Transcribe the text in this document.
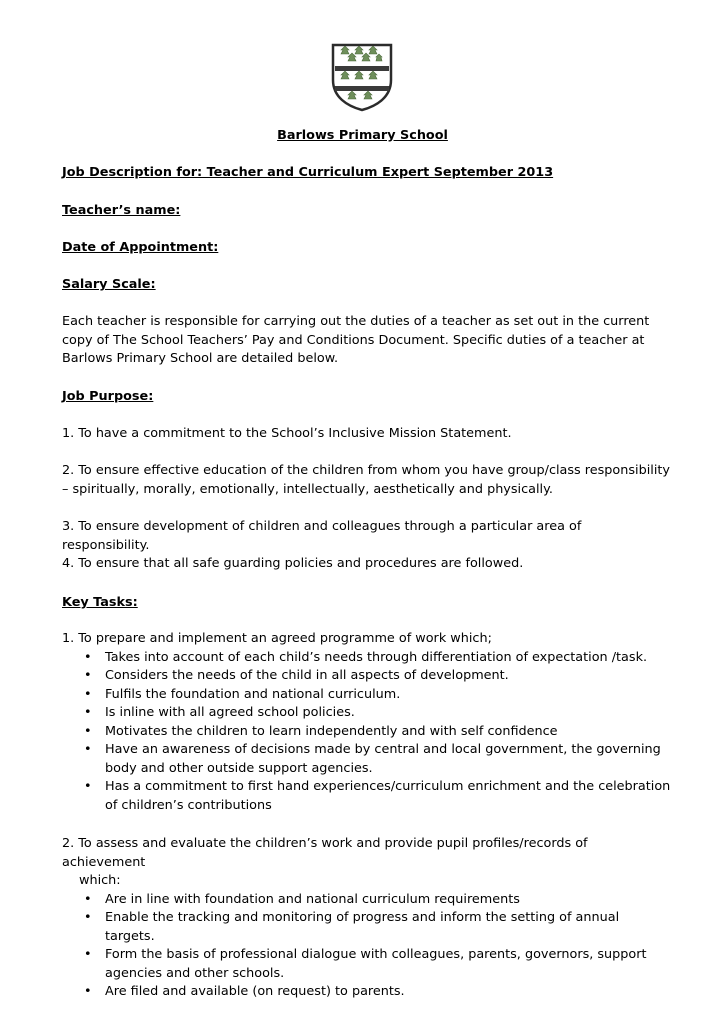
Barlows Primary School
Job Description for: Teacher and Curriculum Expert September 2013
Teacher’s name:
Date of Appointment:
Salary Scale:
Each teacher is responsible for carrying out the duties of a teacher as set out in the current
copy of The School Teachers’ Pay and Conditions Document. Specific duties of a teacher at
Barlows Primary School are detailed below.
Job Purpose:
1. To have a commitment to the School’s Inclusive Mission Statement.
2. To ensure effective education of the children from whom you have group/class responsibility
– spiritually, morally, emotionally, intellectually, aesthetically and physically.
3. To ensure development of children and colleagues through a particular area of responsibility.
4. To ensure that all safe guarding policies and procedures are followed.
Key Tasks:
1. To prepare and implement an agreed programme of work which;
• Takes into account of each child’s needs through differentiation of expectation /task.
• Considers the needs of the child in all aspects of development.
• Fulfils the foundation and national curriculum.
• Is inline with all agreed school policies.
• Motivates the children to learn independently and with self confidence
• Have an awareness of decisions made by central and local government, the governing
body and other outside support agencies.
• Has a commitment to first hand experiences/curriculum enrichment and the celebration
of children’s contributions
2. To assess and evaluate the children’s work and provide pupil profiles/records of achievement
which:
• Are in line with foundation and national curriculum requirements
• Enable the tracking and monitoring of progress and inform the setting of annual targets.
• Form the basis of professional dialogue with colleagues, parents, governors, support
agencies and other schools.
• Are filed and available (on request) to parents.
